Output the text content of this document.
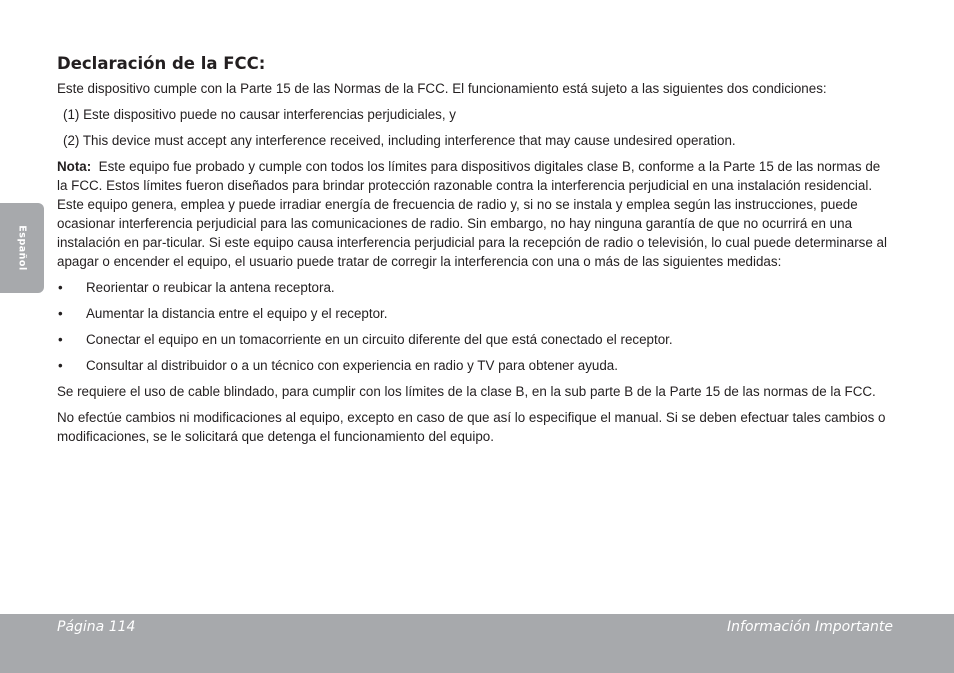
Español
Declaración de la FCC:

Este dispositivo cumple con la Parte 15 de las Normas de la FCC. El funcionamiento está sujeto a las siguientes dos condiciones:

(1) Este dispositivo puede no causar interferencias perjudiciales, y

(2) This device must accept any interference received, including interference that may cause undesired operation.

Nota: Este equipo fue probado y cumple con todos los límites para dispositivos digitales clase B, conforme a la Parte 15 de las normas de la FCC. Estos límites fueron diseñados para brindar protección razonable contra la interferencia perjudicial en una instalación residencial. Este equipo genera, emplea y puede irradiar energía de frecuencia de radio y, si no se instala y emplea según las instrucciones, puede ocasionar interferencia perjudicial para las comunicaciones de radio. Sin embargo, no hay ninguna garantía de que no ocurrirá en una instalación en par-ticular. Si este equipo causa interferencia perjudicial para la recepción de radio o televisión, lo cual puede determinarse al apagar o encender el equipo, el usuario puede tratar de corregir la interferencia con una o más de las siguientes medidas:

• Reorientar o reubicar la antena receptora.
• Aumentar la distancia entre el equipo y el receptor.
• Conectar el equipo en un tomacorriente en un circuito diferente del que está conectado el receptor.
• Consultar al distribuidor o a un técnico con experiencia en radio y TV para obtener ayuda.

Se requiere el uso de cable blindado, para cumplir con los límites de la clase B, en la sub parte B de la Parte 15 de las normas de la FCC.

No efectúe cambios ni modificaciones al equipo, excepto en caso de que así lo especifique el manual. Si se deben efectuar tales cambios o modificaciones, se le solicitará que detenga el funcionamiento del equipo.

Página 114	Información Importante
